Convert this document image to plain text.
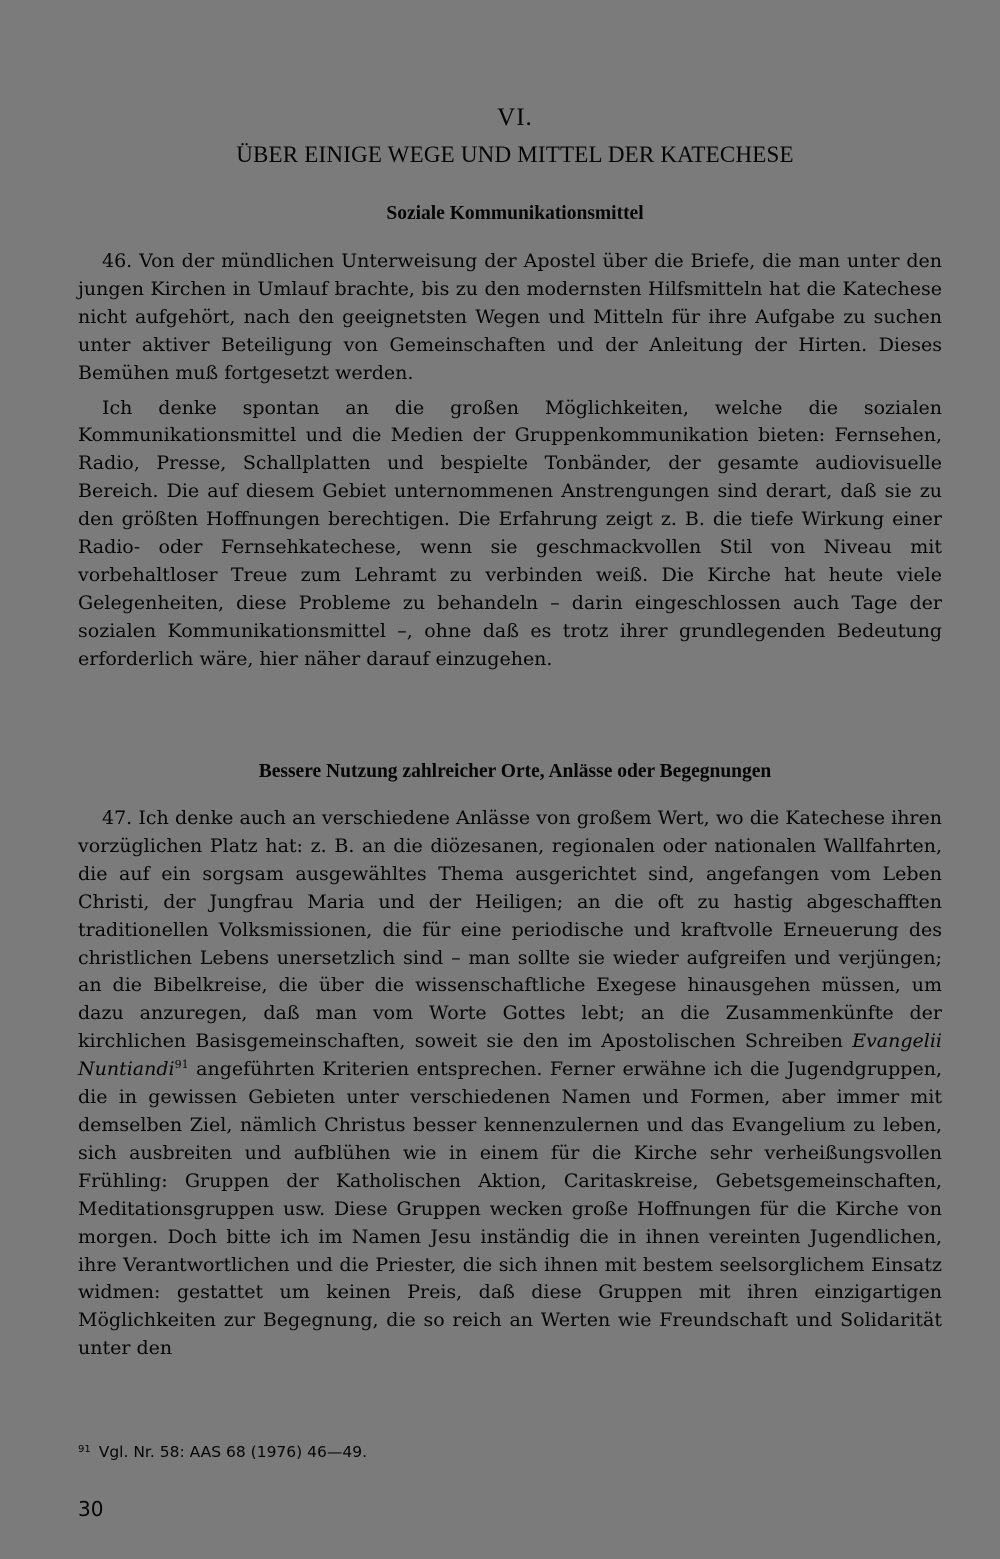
VI.
ÜBER EINIGE WEGE UND MITTEL DER KATECHESE
Soziale Kommunikationsmittel

46. Von der mündlichen Unterweisung der Apostel über die Briefe, die man unter den jungen Kirchen in Umlauf brachte, bis zu den modernsten Hilfsmitteln hat die Katechese nicht aufgehört, nach den geeignetsten Wegen und Mitteln für ihre Aufgabe zu suchen unter aktiver Beteiligung von Gemeinschaften und der Anleitung der Hirten. Dieses Bemühen muß fortgesetzt werden.

Ich denke spontan an die großen Möglichkeiten, welche die sozialen Kommunikationsmittel und die Medien der Gruppenkommunikation bieten: Fernsehen, Radio, Presse, Schallplatten und bespielte Tonbänder, der gesamte audiovisuelle Bereich. Die auf diesem Gebiet unternommenen Anstrengungen sind derart, daß sie zu den größten Hoffnungen berechtigen. Die Erfahrung zeigt z. B. die tiefe Wirkung einer Radio- oder Fernsehkatechese, wenn sie geschmackvollen Stil von Niveau mit vorbehaltloser Treue zum Lehramt zu verbinden weiß. Die Kirche hat heute viele Gelegenheiten, diese Probleme zu behandeln – darin eingeschlossen auch Tage der sozialen Kommunikationsmittel –, ohne daß es trotz ihrer grundlegenden Bedeutung erforderlich wäre, hier näher darauf einzugehen.

Bessere Nutzung zahlreicher Orte, Anlässe oder Begegnungen

47. Ich denke auch an verschiedene Anlässe von großem Wert, wo die Katechese ihren vorzüglichen Platz hat: z. B. an die diözesanen, regionalen oder nationalen Wallfahrten, die auf ein sorgsam ausgewähltes Thema ausgerichtet sind, angefangen vom Leben Christi, der Jungfrau Maria und der Heiligen; an die oft zu hastig abgeschafften traditionellen Volksmissionen, die für eine periodische und kraftvolle Erneuerung des christlichen Lebens unersetzlich sind – man sollte sie wieder aufgreifen und verjüngen; an die Bibelkreise, die über die wissenschaftliche Exegese hinausgehen müssen, um dazu anzuregen, daß man vom Worte Gottes lebt; an die Zusammenkünfte der kirchlichen Basisgemeinschaften, soweit sie den im Apostolischen Schreiben Evangelii Nuntiandi$^{91}$ angeführten Kriterien entsprechen. Ferner erwähne ich die Jugendgruppen, die in gewissen Gebieten unter verschiedenen Namen und Formen, aber immer mit demselben Ziel, nämlich Christus besser kennenzulernen und das Evangelium zu leben, sich ausbreiten und aufblühen wie in einem für die Kirche sehr verheißungsvollen Frühling: Gruppen der Katholischen Aktion, Caritaskreise, Gebetsgemeinschaften, Meditationsgruppen usw. Diese Gruppen wecken große Hoffnungen für die Kirche von morgen. Doch bitte ich im Namen Jesu inständig die in ihnen vereinten Jugendlichen, ihre Verantwortlichen und die Priester, die sich ihnen mit bestem seelsorglichem Einsatz widmen: gestattet um keinen Preis, daß diese Gruppen mit ihren einzigartigen Möglichkeiten zur Begegnung, die so reich an Werten wie Freundschaft und Solidarität unter den

$^{91}$ Vgl. Nr. 58: AAS 68 (1976) 46—49.
30
